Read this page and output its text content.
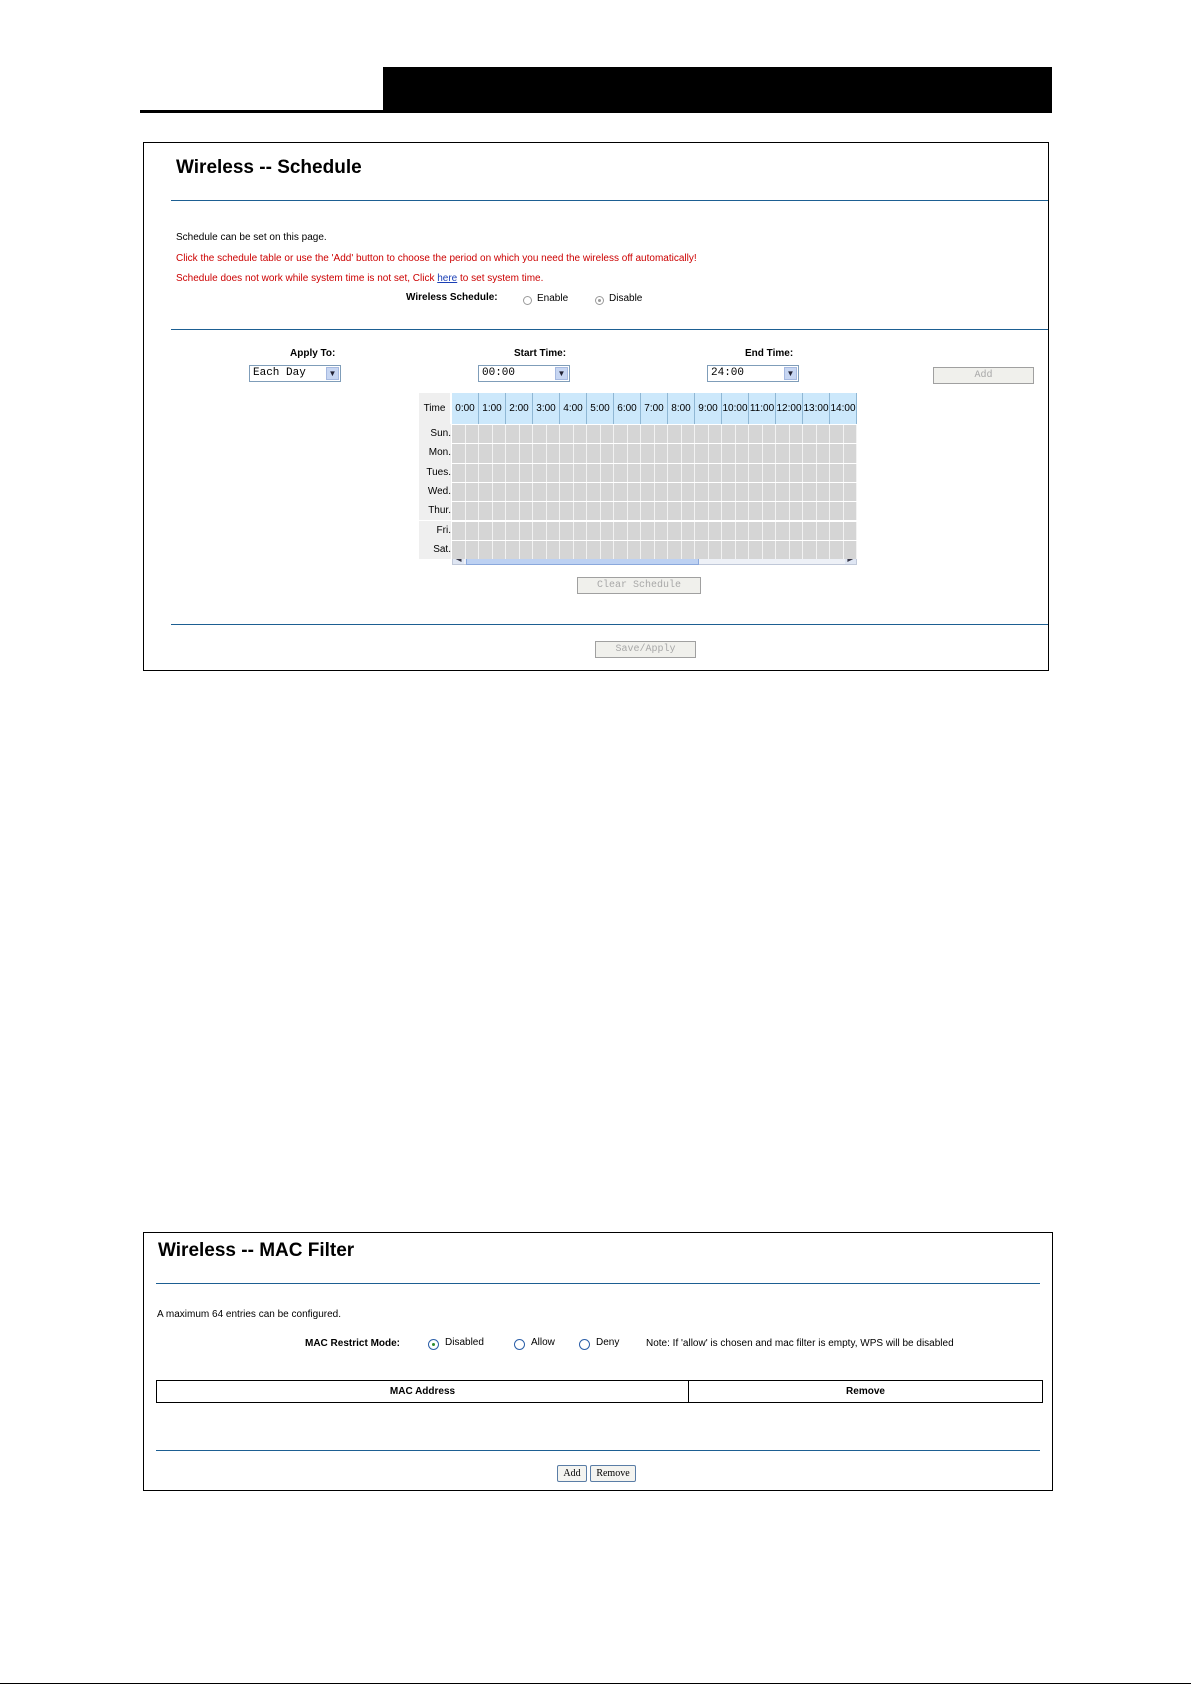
Wireless -- Schedule
Schedule can be set on this page.
Click the schedule table or use the 'Add' button to choose the period on which you need the wireless off automatically!
Schedule does not work while system time is not set, Click here to set system time.
Wireless Schedule:	Enable	Disable
Apply To:
Each Day	▼
Start Time:
00:00	▼
End Time:
24:00	▼	Add
Clear Schedule
Save/Apply
Time 0:00 1:00 2:00 3:00 4:00 5:00 6:00 7:00 8:00 9:00 10:00 11:00 12:00 13:00 14:00
Sun.
Mon.
Tues.
Wed.
Thur.
Fri.
Sat.
Wireless -- MAC Filter
A maximum 64 entries can be configured.
MAC Restrict Mode:	Disabled	Allow	Deny	Note: If 'allow' is chosen and mac filter is empty, WPS will be disabled
MAC Address	Remove
Add	Remove
